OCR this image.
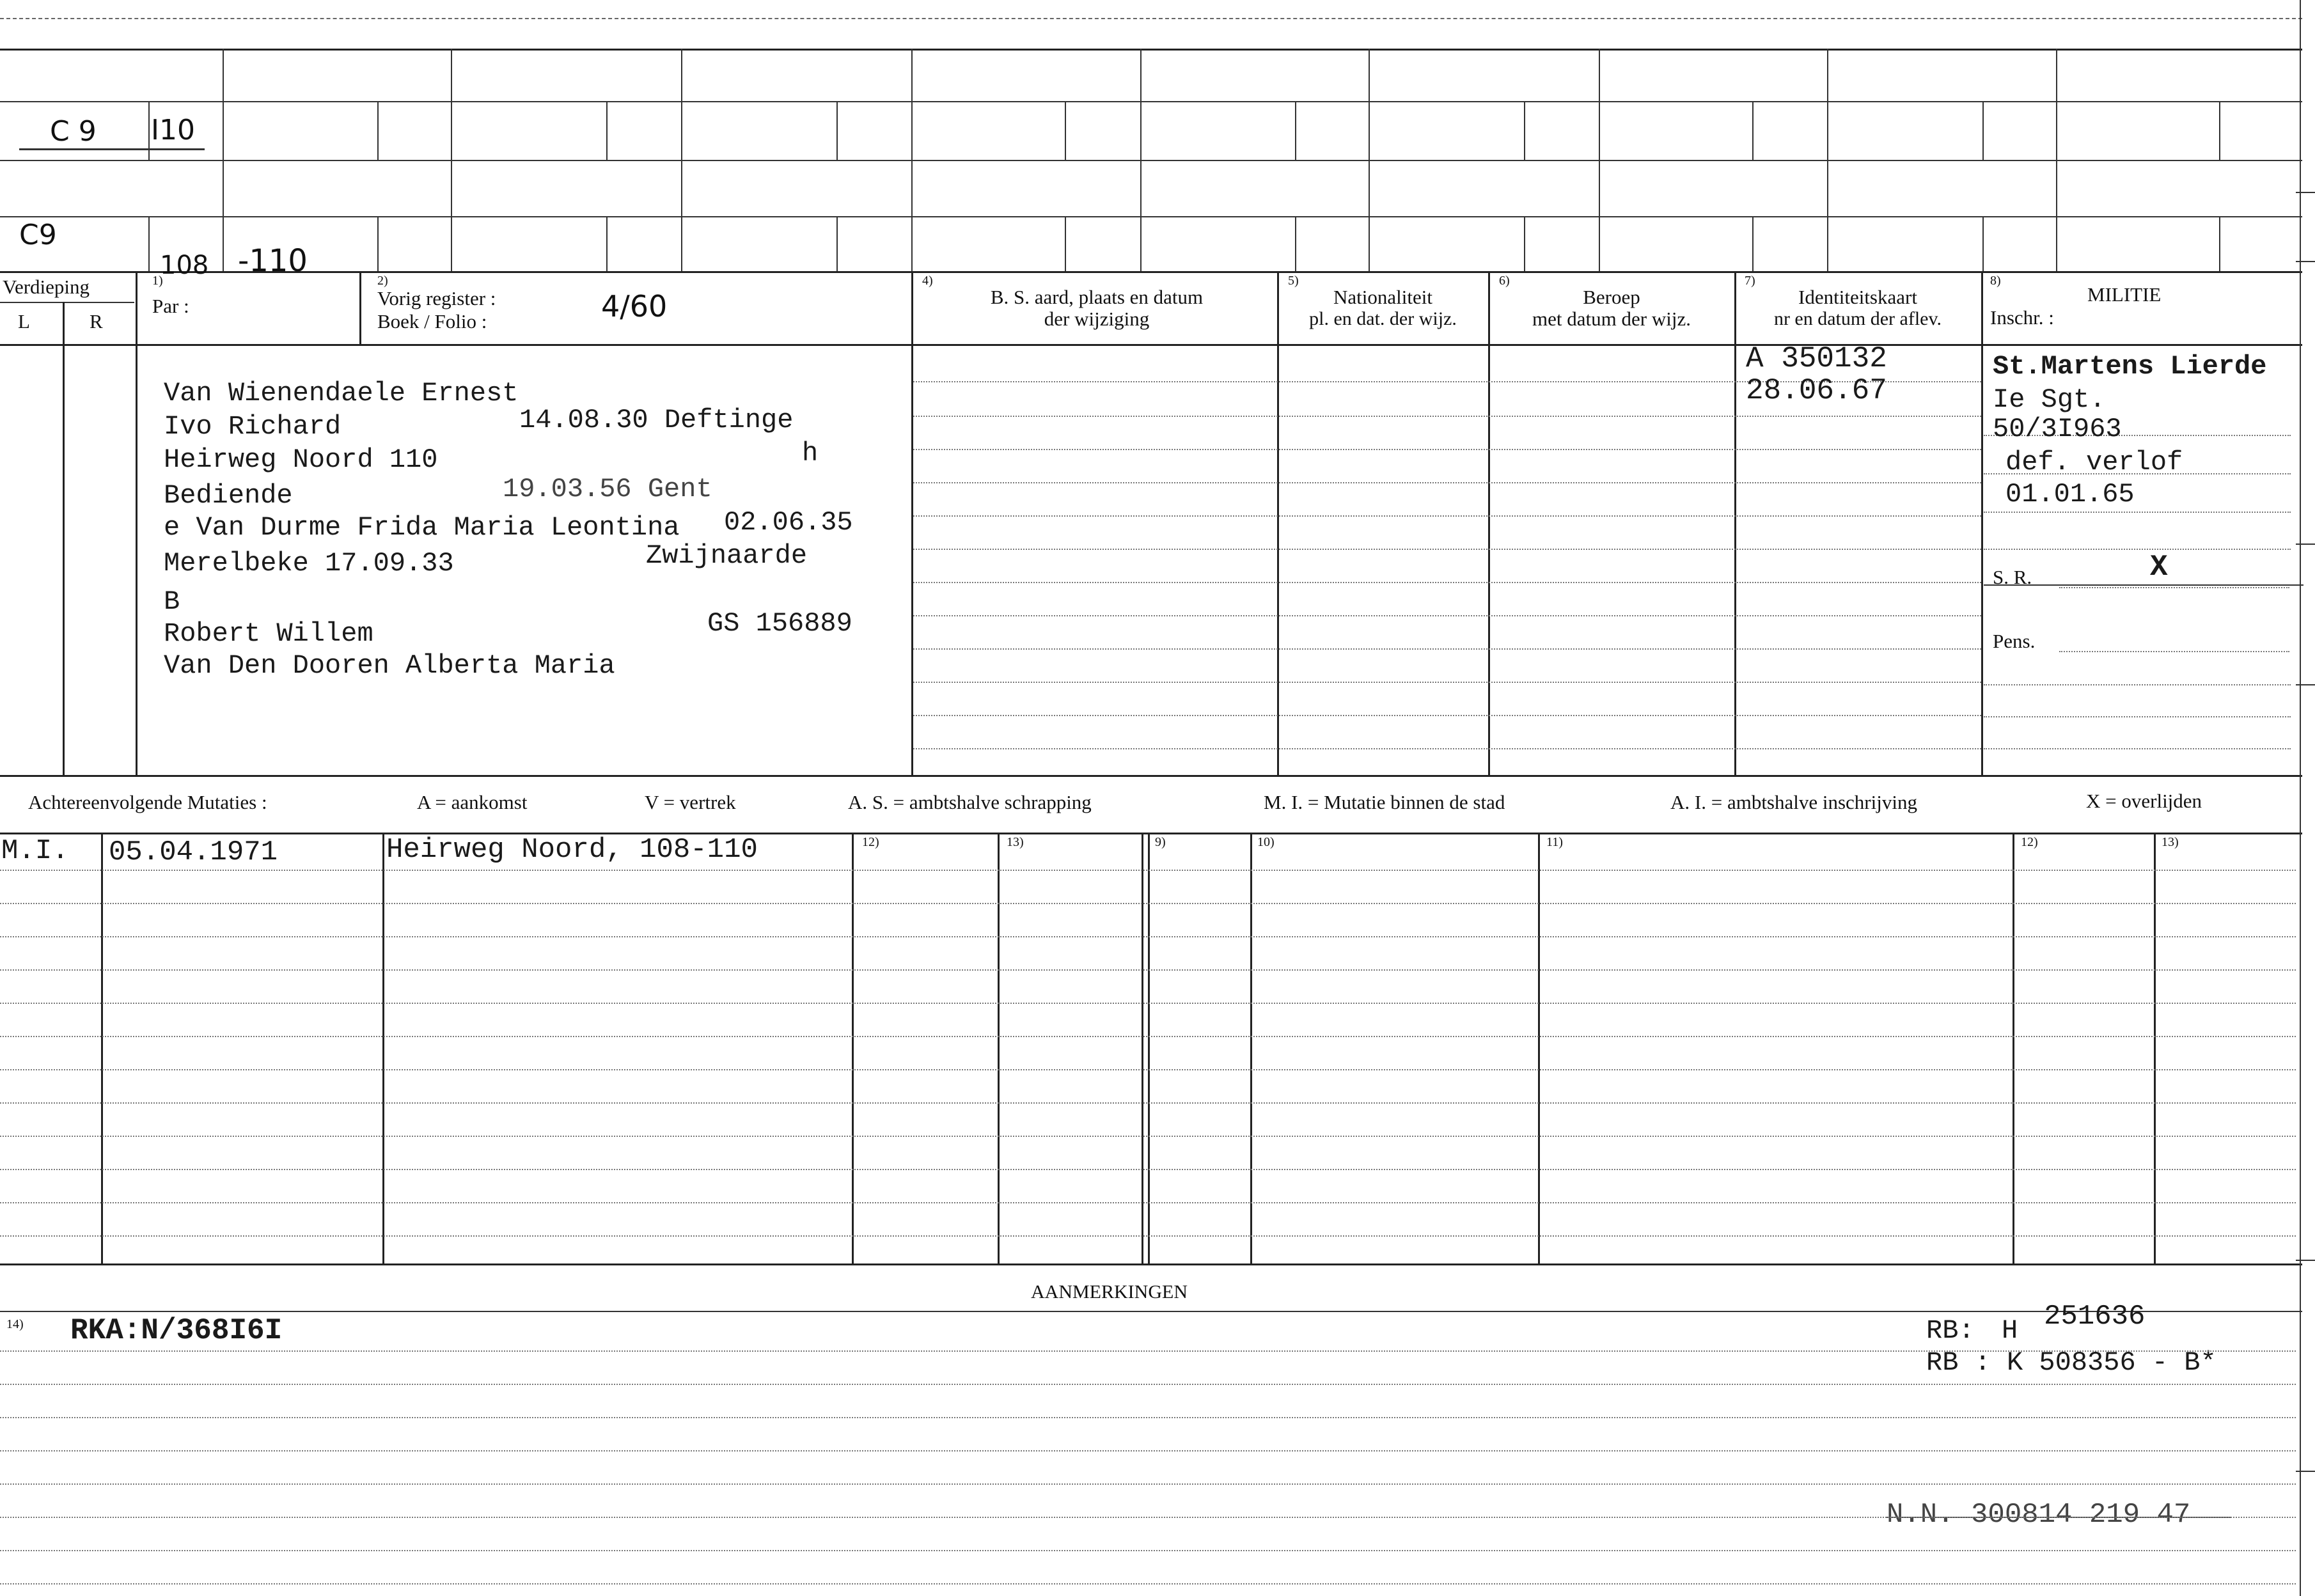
C 9 I10
C9
108 -110
Verdieping
L	R
1)
Par :
2)
Vorig register :
Boek / Folio :	4/60
4)
B. S. aard, plaats en datum
der wijziging
5)
Nationaliteit
pl. en dat. der wijz.
6)
Beroep
met datum der wijz.
7)
Identiteitskaart
nr en datum der aflev.
8)
MILITIE
Inschr. :
Van Wienendaele Ernest
Ivo Richard	14.08.30 Deftinge
Heirweg Noord 110	h
Bediende	19.03.56 Gent
e Van Durme Frida Maria Leontina 02.06.35
Merelbeke 17.09.33	Zwijnaarde
B
Robert Willem	GS 156889
Van Den Dooren Alberta Maria
A 350132
28.06.67
St.Martens Lierde
Ie Sgt.
50/3I963
def. verlof
01.01.65
S. R.	X
Pens.
Achtereenvolgende Mutaties :	A = aankomst	V = vertrek	A. S. = ambtshalve schrapping	M. I. = Mutatie binnen de stad	A. I. = ambtshalve inschrijving	X = overlijden
12)	13)	9)	10)	11)	12)	13)
M.I. 05.04.1971	Heirweg Noord, 108-110
AANMERKINGEN
14) RKA:N/368I6I	RB: H 251636
RB : K 508356 - B*
N.N. 300814 219 47
